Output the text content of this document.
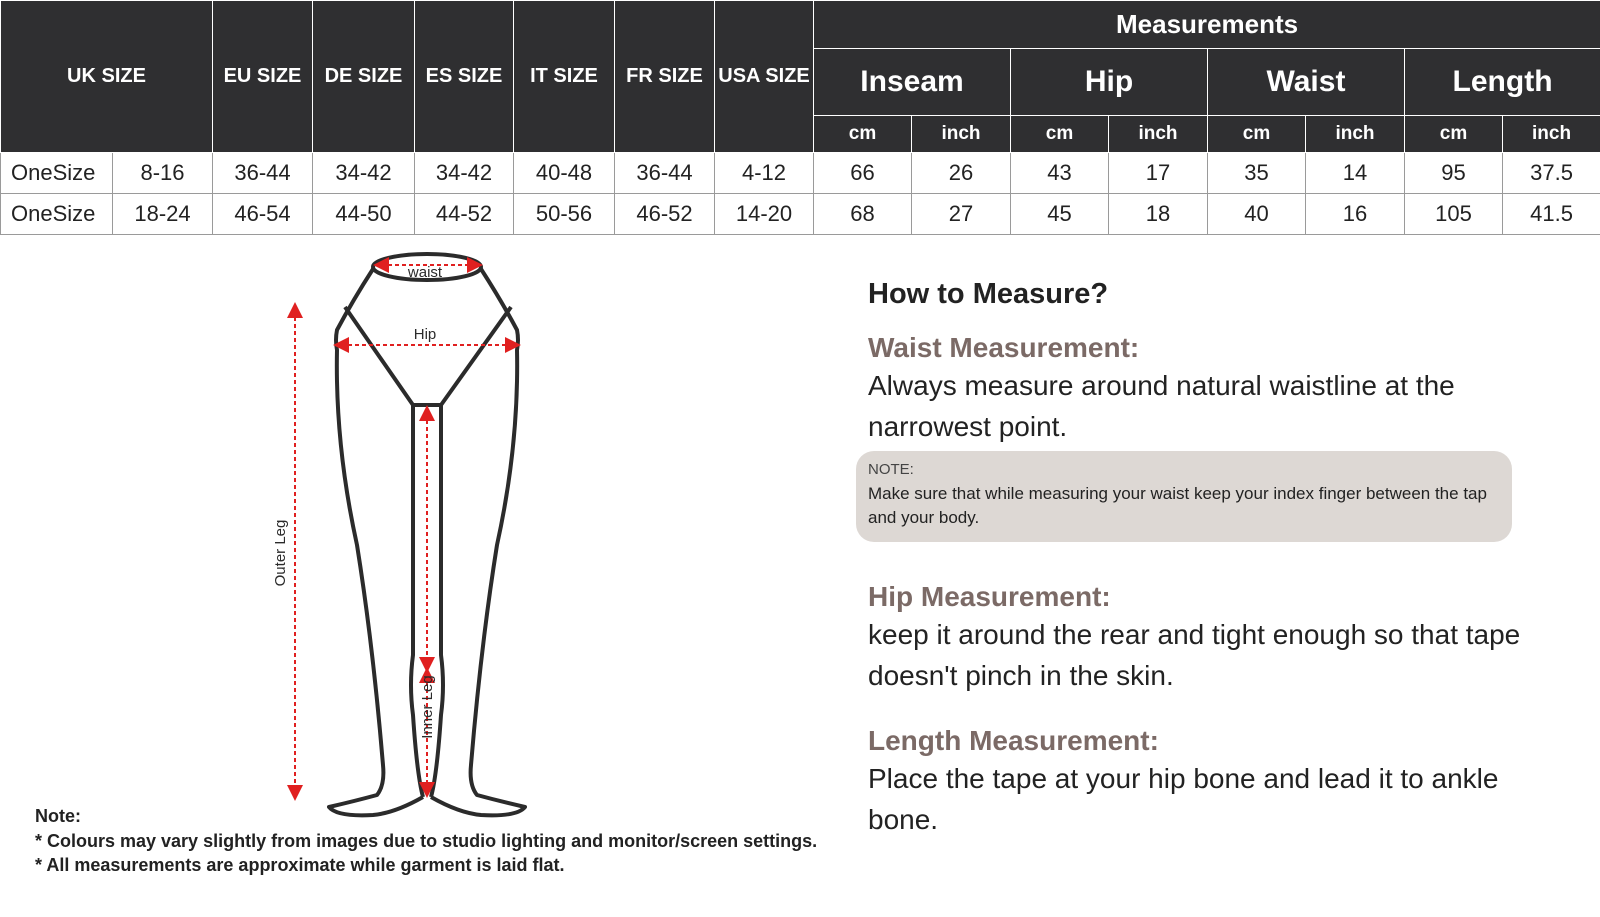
UK SIZE		EU SIZE	DE SIZE	ES SIZE	IT SIZE	FR SIZE	USA SIZE	Measurements							
								Inseam		Hip		Waist		Length	
								cm	inch	cm	inch	cm	inch	cm	inch
OneSize	8-16	36-44	34-42	34-42	40-48	36-44	4-12	66	26	43	17	35	14	95	37.5
OneSize	18-24	46-54	44-50	44-52	50-56	46-52	14-20	68	27	45	18	40	16	105	41.5
waist
Hip
Outer Leg
Inner Leg

How to Measure?

Waist Measurement:

Always measure around natural waistline at the narrowest point.

NOTE:

Make sure that while measuring your waist keep your index finger between the tap and your body.

Hip Measurement:

keep it around the rear and tight enough so that tape doesn't pinch in the skin.

Length Measurement:

Place the tape at your hip bone and lead it to ankle bone.

Note:

* Colours may vary slightly from images due to studio lighting and monitor/screen settings.

* All measurements are approximate while garment is laid flat.
